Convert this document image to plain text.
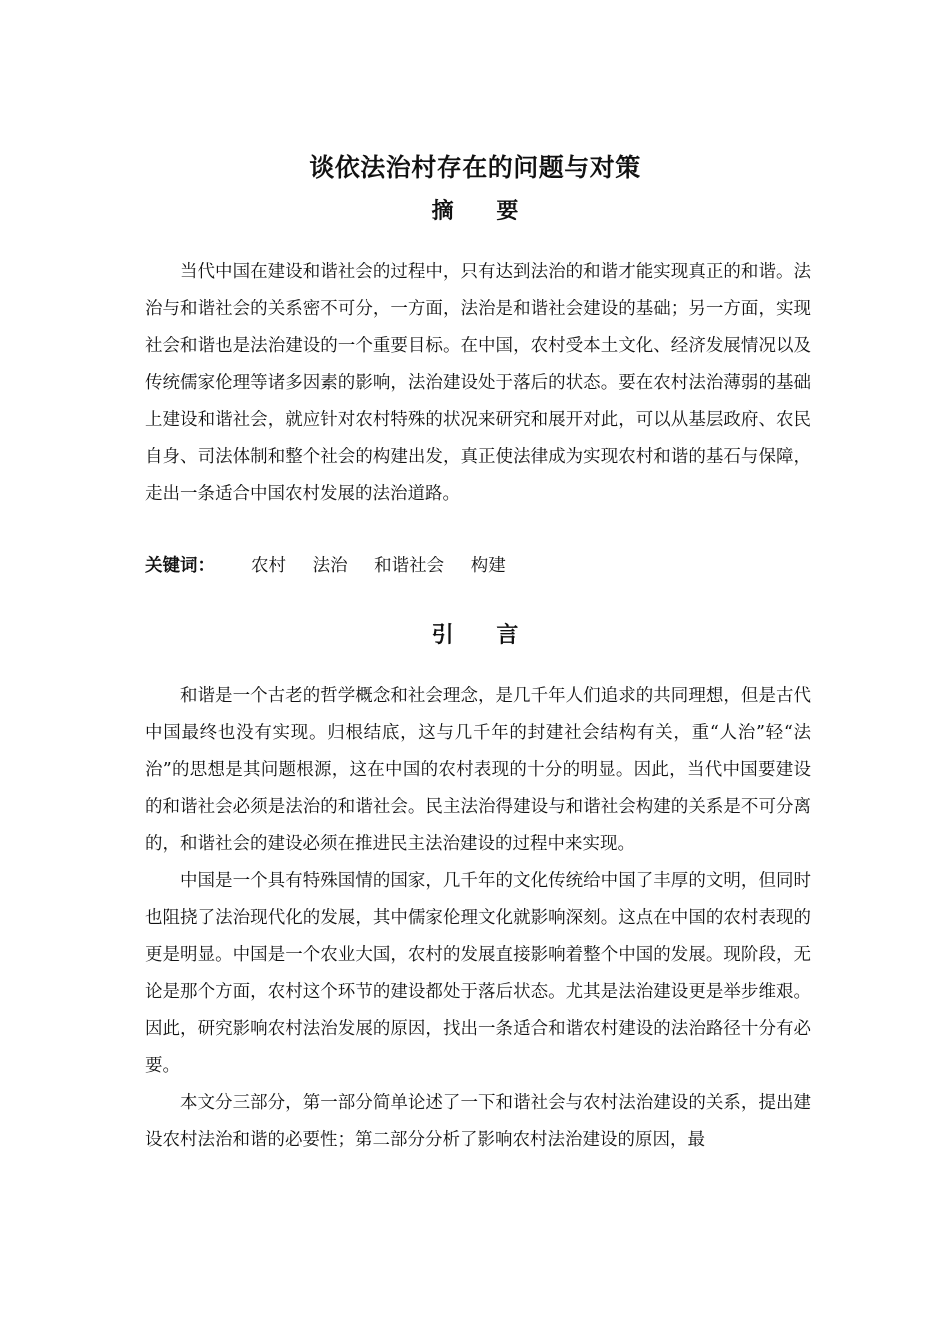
谈依法治村存在的问题与对策
摘 要

当代中国在建设和谐社会的过程中，只有达到法治的和谐才能实现真正的和谐。法治与和谐社会的关系密不可分，一方面，法治是和谐社会建设的基础；另一方面，实现社会和谐也是法治建设的一个重要目标。在中国，农村受本土文化、经济发展情况以及传统儒家伦理等诸多因素的影响，法治建设处于落后的状态。要在农村法治薄弱的基础上建设和谐社会，就应针对农村特殊的状况来研究和展开对此，可以从基层政府、农民自身、司法体制和整个社会的构建出发，真正使法律成为实现农村和谐的基石与保障，走出一条适合中国农村发展的法治道路。

关键词： 农村 法治 和谐社会 构建
引 言

和谐是一个古老的哲学概念和社会理念，是几千年人们追求的共同理想，但是古代中国最终也没有实现。归根结底，这与几千年的封建社会结构有关，重“人治”轻“法治”的思想是其问题根源，这在中国的农村表现的十分的明显。因此，当代中国要建设的和谐社会必须是法治的和谐社会。民主法治得建设与和谐社会构建的关系是不可分离的，和谐社会的建设必须在推进民主法治建设的过程中来实现。

中国是一个具有特殊国情的国家，几千年的文化传统给中国了丰厚的文明，但同时也阻挠了法治现代化的发展，其中儒家伦理文化就影响深刻。这点在中国的农村表现的更是明显。中国是一个农业大国，农村的发展直接影响着整个中国的发展。现阶段，无论是那个方面，农村这个环节的建设都处于落后状态。尤其是法治建设更是举步维艰。因此，研究影响农村法治发展的原因，找出一条适合和谐农村建设的法治路径十分有必要。

本文分三部分，第一部分简单论述了一下和谐社会与农村法治建设的关系，提出建设农村法治和谐的必要性；第二部分分析了影响农村法治建设的原因，最
